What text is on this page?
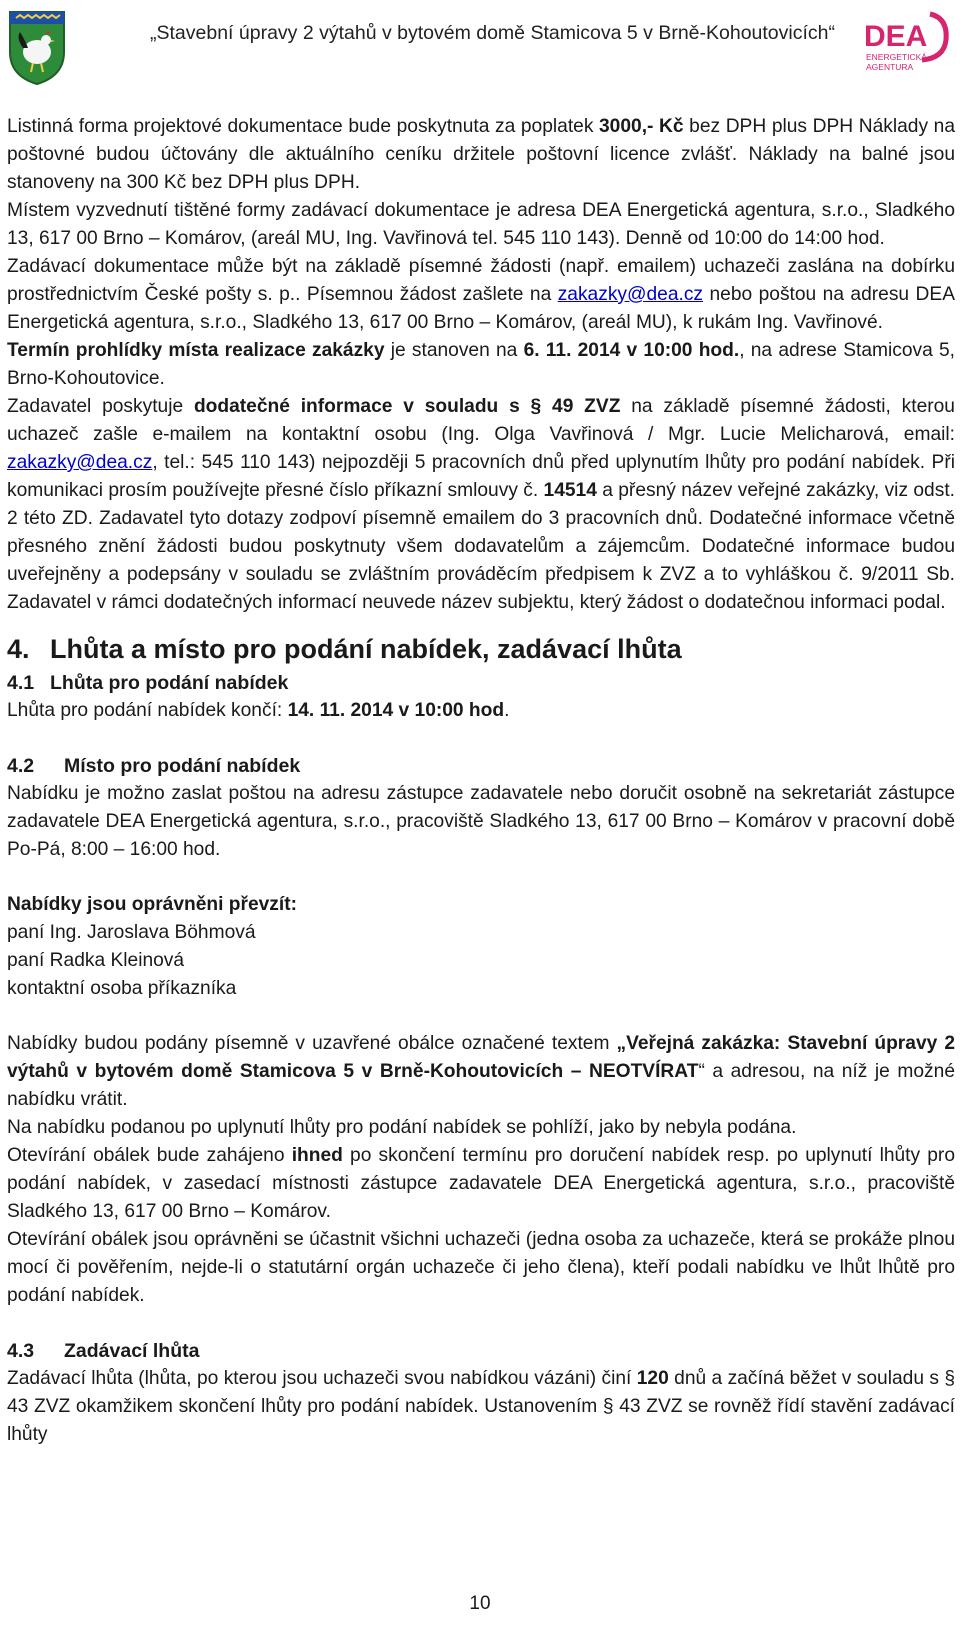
„Stavební úpravy 2 výtahů v bytovém domě Stamicova 5 v Brně-Kohoutovicích“ DEA
ENERGETICKÁ
AGENTURA

Listinná forma projektové dokumentace bude poskytnuta za poplatek 3000,- Kč bez DPH plus DPH Náklady na poštovné budou účtovány dle aktuálního ceníku držitele poštovní licence zvlášť. Náklady na balné jsou stanoveny na 300 Kč bez DPH plus DPH.

Místem vyzvednutí tištěné formy zadávací dokumentace je adresa DEA Energetická agentura, s.r.o., Sladkého 13, 617 00 Brno – Komárov, (areál MU, Ing. Vavřinová tel. 545 110 143). Denně od 10:00 do 14:00 hod.

Zadávací dokumentace může být na základě písemné žádosti (např. emailem) uchazeči zaslána na dobírku prostřednictvím České pošty s. p.. Písemnou žádost zašlete na zakazky@dea.cz nebo poštou na adresu DEA Energetická agentura, s.r.o., Sladkého 13, 617 00 Brno – Komárov, (areál MU), k rukám Ing. Vavřinové.

Termín prohlídky místa realizace zakázky je stanoven na 6. 11. 2014 v 10:00 hod., na adrese Stamicova 5, Brno-Kohoutovice.

Zadavatel poskytuje dodatečné informace v souladu s § 49 ZVZ na základě písemné žádosti, kterou uchazeč zašle e-mailem na kontaktní osobu (Ing. Olga Vavřinová / Mgr. Lucie Melicharová, email: zakazky@dea.cz, tel.: 545 110 143) nejpozději 5 pracovních dnů před uplynutím lhůty pro podání nabídek. Při komunikaci prosím používejte přesné číslo příkazní smlouvy č. 14514 a přesný název veřejné zakázky, viz odst. 2 této ZD. Zadavatel tyto dotazy zodpoví písemně emailem do 3 pracovních dnů. Dodatečné informace včetně přesného znění žádosti budou poskytnuty všem dodavatelům a zájemcům. Dodatečné informace budou uveřejněny a podepsány v souladu se zvláštním prováděcím předpisem k ZVZ a to vyhláškou č. 9/2011 Sb. Zadavatel v rámci dodatečných informací neuvede název subjektu, který žádost o dodatečnou informaci podal.

4. Lhůta a místo pro podání nabídek, zadávací lhůta
4.1 Lhůta pro podání nabídek

Lhůta pro podání nabídek končí: 14. 11. 2014 v 10:00 hod.

4.2 Místo pro podání nabídek

Nabídku je možno zaslat poštou na adresu zástupce zadavatele nebo doručit osobně na sekretariát zástupce zadavatele DEA Energetická agentura, s.r.o., pracoviště Sladkého 13, 617 00 Brno – Komárov v pracovní době Po-Pá, 8:00 – 16:00 hod.

Nabídky jsou oprávněni převzít:

paní Ing. Jaroslava Böhmová

paní Radka Kleinová

kontaktní osoba příkazníka

Nabídky budou podány písemně v uzavřené obálce označené textem „Veřejná zakázka: Stavební úpravy 2 výtahů v bytovém domě Stamicova 5 v Brně-Kohoutovicích – NEOTVÍRAT“ a adresou, na níž je možné nabídku vrátit.

Na nabídku podanou po uplynutí lhůty pro podání nabídek se pohlíží, jako by nebyla podána.

Otevírání obálek bude zahájeno ihned po skončení termínu pro doručení nabídek resp. po uplynutí lhůty pro podání nabídek, v zasedací místnosti zástupce zadavatele DEA Energetická agentura, s.r.o., pracoviště Sladkého 13, 617 00 Brno – Komárov.

Otevírání obálek jsou oprávněni se účastnit všichni uchazeči (jedna osoba za uchazeče, která se prokáže plnou mocí či pověřením, nejde-li o statutární orgán uchazeče či jeho člena), kteří podali nabídku ve lhůt lhůtě pro podání nabídek.

4.3 Zadávací lhůta

Zadávací lhůta (lhůta, po kterou jsou uchazeči svou nabídkou vázáni) činí 120 dnů a začíná běžet v souladu s § 43 ZVZ okamžikem skončení lhůty pro podání nabídek. Ustanovením § 43 ZVZ se rovněž řídí stavění zadávací lhůty

10
